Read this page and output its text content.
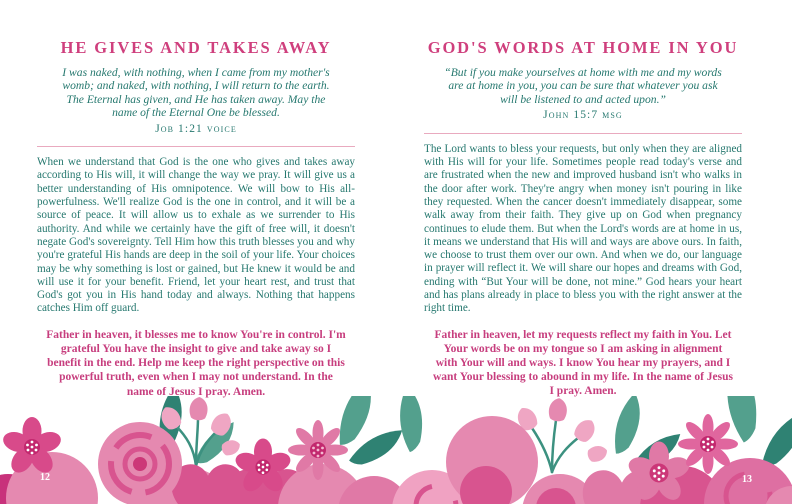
HE GIVES AND TAKES AWAY

I was naked, with nothing, when I came from my mother's womb; and naked, with nothing, I will return to the earth. The Eternal has given, and He has taken away. May the name of the Eternal One be blessed.

Job 1:21 voice

When we understand that God is the one who gives and takes away according to His will, it will change the way we pray. It will give us a better understanding of His omnipotence. We will bow to His all-powerfulness. We'll realize God is the one in control, and it will be a source of peace. It will allow us to exhale as we surrender to His authority. And while we certainly have the gift of free will, it doesn't negate God's sovereignty. Tell Him how this truth blesses you and why you're grateful His hands are deep in the soil of your life. Your choices may be why something is lost or gained, but He knew it would be and will use it for your benefit. Friend, let your heart rest, and trust that God's got you in His hand today and always. Nothing that happens catches Him off guard.

Father in heaven, it blesses me to know You're in control. I'm grateful You have the insight to give and take away so I benefit in the end. Help me keep the right perspective on this powerful truth, even when I may not understand. In the name of Jesus I pray. Amen.

GOD'S WORDS AT HOME IN YOU

“But if you make yourselves at home with me and my words are at home in you, you can be sure that whatever you ask will be listened to and acted upon.”

John 15:7 msg

The Lord wants to bless your requests, but only when they are aligned with His will for your life. Sometimes people read today's verse and are frustrated when the new and improved husband isn't who walks in the door after work. They're angry when money isn't pouring in like they requested. When the cancer doesn't immediately disappear, some walk away from their faith. They give up on God when pregnancy continues to elude them. But when the Lord's words are at home in us, it means we understand that His will and ways are above ours. In faith, we choose to trust them over our own. And when we do, our language in prayer will reflect it. We will share our hopes and dreams with God, ending with “But Your will be done, not mine.” God hears your heart and has plans already in place to bless you with the right answer at the right time.

Father in heaven, let my requests reflect my faith in You. Let Your words be on my tongue so I am asking in alignment with Your will and ways. I know You hear my prayers, and I want Your blessing to abound in my life. In the name of Jesus I pray. Amen.

12	13
